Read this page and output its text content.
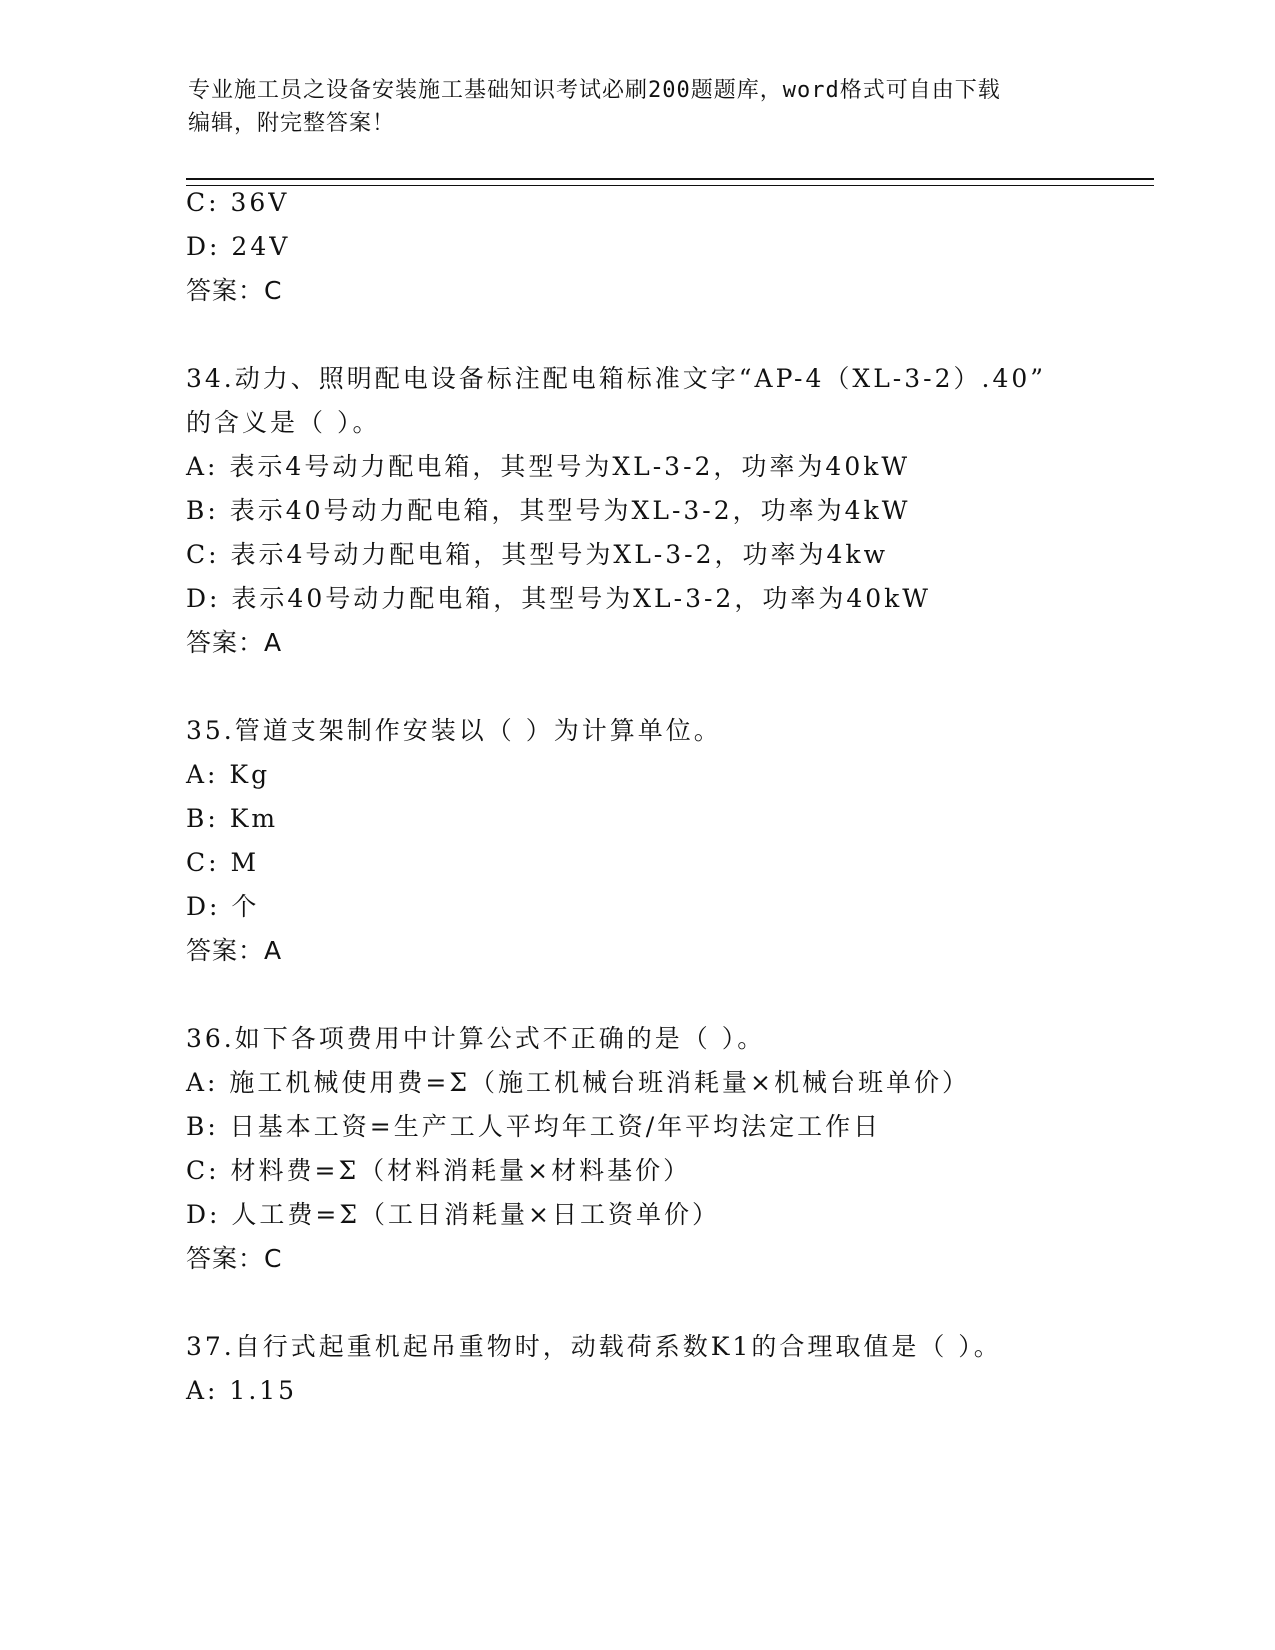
专业施工员之设备安装施工基础知识考试必刷200题题库，word格式可自由下载
编辑，附完整答案！
C: 36V
D: 24V
答案：C
34.动力、照明配电设备标注配电箱标准文字“AP-4（XL-3-2）.40”
的含义是（ ）。
A: 表示4号动力配电箱，其型号为XL-3-2，功率为40kW
B: 表示40号动力配电箱，其型号为XL-3-2，功率为4kW
C: 表示4号动力配电箱，其型号为XL-3-2，功率为4kw
D: 表示40号动力配电箱，其型号为XL-3-2，功率为40kW
答案：A
35.管道支架制作安装以（ ）为计算单位。
A: Kg
B: Km
C: M
D: 个
答案：A
36.如下各项费用中计算公式不正确的是（ ）。
A: 施工机械使用费=Σ（施工机械台班消耗量×机械台班单价）
B: 日基本工资=生产工人平均年工资/年平均法定工作日
C: 材料费=Σ（材料消耗量×材料基价）
D: 人工费=Σ（工日消耗量×日工资单价）
答案：C
37.自行式起重机起吊重物时，动载荷系数K1的合理取值是（ ）。
A: 1.15
